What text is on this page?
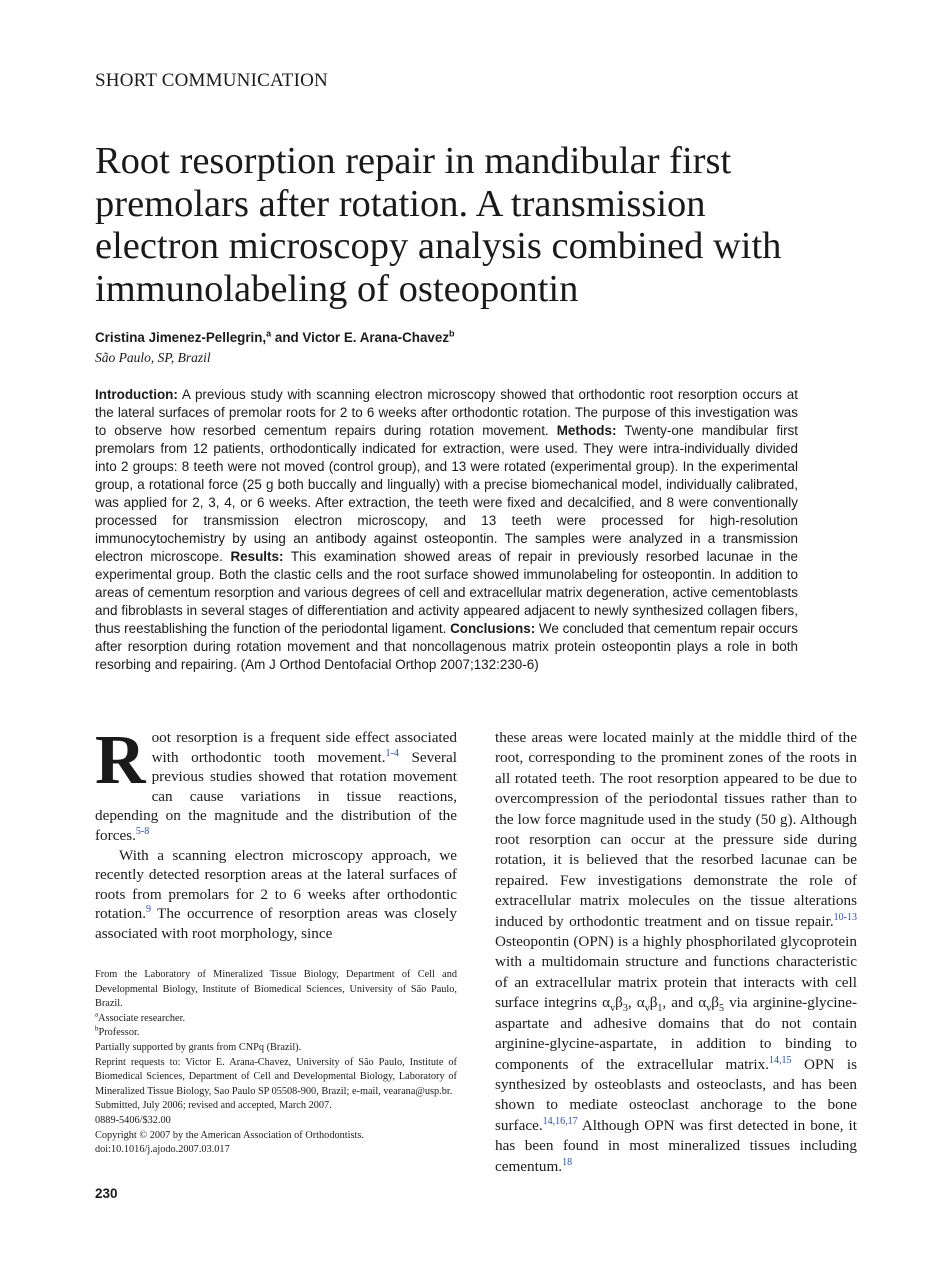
SHORT COMMUNICATION
Root resorption repair in mandibular first
premolars after rotation. A transmission
electron microscopy analysis combined with
immunolabeling of osteopontin
Cristina Jimenez-Pellegrin,$^a$ and Victor E. Arana-Chavez$^b$
São Paulo, SP, Brazil
Introduction: A previous study with scanning electron microscopy showed that orthodontic root resorption occurs at the lateral surfaces of premolar roots for 2 to 6 weeks after orthodontic rotation. The purpose of this investigation was to observe how resorbed cementum repairs during rotation movement. Methods: Twenty-one mandibular first premolars from 12 patients, orthodontically indicated for extraction, were used. They were intra-individually divided into 2 groups: 8 teeth were not moved (control group), and 13 were rotated (experimental group). In the experimental group, a rotational force (25 g both buccally and lingually) with a precise biomechanical model, individually calibrated, was applied for 2, 3, 4, or 6 weeks. After extraction, the teeth were fixed and decalcified, and 8 were conventionally processed for transmission electron microscopy, and 13 teeth were processed for high-resolution immunocytochemistry by using an antibody against osteopontin. The samples were analyzed in a transmission electron microscope. Results: This examination showed areas of repair in previously resorbed lacunae in the experimental group. Both the clastic cells and the root surface showed immunolabeling for osteopontin. In addition to areas of cementum resorption and various degrees of cell and extracellular matrix degeneration, active cementoblasts and fibroblasts in several stages of differentiation and activity appeared adjacent to newly synthesized collagen fibers, thus reestablishing the function of the periodontal ligament. Conclusions: We concluded that cementum repair occurs after resorption during rotation movement and that noncollagenous matrix protein osteopontin plays a role in both resorbing and repairing. (Am J Orthod Dentofacial Orthop 2007;132:230-6)

Root resorption is a frequent side effect associated with orthodontic tooth movement.$^{1-4}$ Several previous studies showed that rotation movement can cause variations in tissue reactions, depending on the magnitude and the distribution of the forces.$^{5-8}$

With a scanning electron microscopy approach, we recently detected resorption areas at the lateral surfaces of roots from premolars for 2 to 6 weeks after orthodontic rotation.$^9$ The occurrence of resorption areas was closely associated with root morphology, since

From the Laboratory of Mineralized Tissue Biology, Department of Cell and Developmental Biology, Institute of Biomedical Sciences, University of São Paulo, Brazil.
$^a$Associate researcher.
$^b$Professor.
Partially supported by grants from CNPq (Brazil).
Reprint requests to: Victor E. Arana-Chavez, University of São Paulo, Institute of Biomedical Sciences, Department of Cell and Developmental Biology, Laboratory of Mineralized Tissue Biology, Sao Paulo SP 05508-900, Brazil; e-mail, vearana@usp.br.
Submitted, July 2006; revised and accepted, March 2007.
0889-5406/$32.00
Copyright © 2007 by the American Association of Orthodontists.
doi:10.1016/j.ajodo.2007.03.017

these areas were located mainly at the middle third of the root, corresponding to the prominent zones of the roots in all rotated teeth. The root resorption appeared to be due to overcompression of the periodontal tissues rather than to the low force magnitude used in the study (50 g). Although root resorption can occur at the pressure side during rotation, it is believed that the resorbed lacunae can be repaired. Few investigations demonstrate the role of extracellular matrix molecules on the tissue alterations induced by orthodontic treatment and on tissue repair.$^{10-13}$ Osteopontin (OPN) is a highly phosphorilated glycoprotein with a multidomain structure and functions characteristic of an extracellular matrix protein that interacts with cell surface integrins $\alpha_v\beta_3$, $\alpha_v\beta_1$, and $\alpha_v\beta_5$ via arginine-glycine-aspartate and adhesive domains that do not contain arginine-glycine-aspartate, in addition to binding to components of the extracellular matrix.$^{14,15}$ OPN is synthesized by osteoblasts and osteoclasts, and has been shown to mediate osteoclast anchorage to the bone surface.$^{14,16,17}$ Although OPN was first detected in bone, it has been found in most mineralized tissues including cementum.$^{18}$

230
